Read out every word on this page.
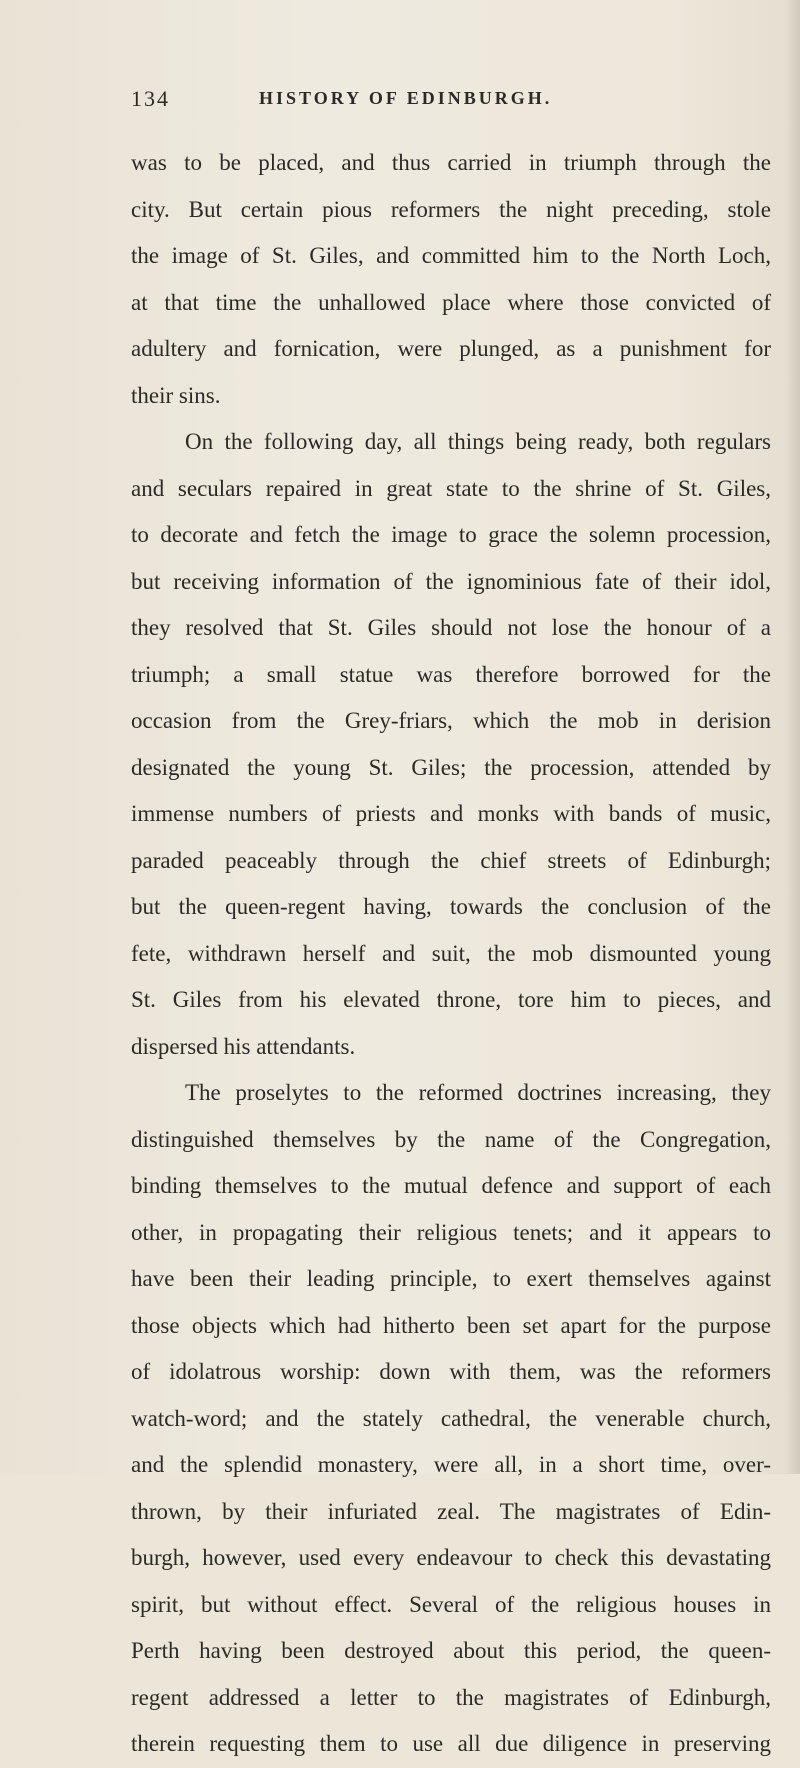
134	HISTORY OF EDINBURGH.
was to be placed, and thus carried in triumph through the
city. But certain pious reformers the night preceding, stole
the image of St. Giles, and committed him to the North Loch,
at that time the unhallowed place where those convicted of
adultery and fornication, were plunged, as a punishment for
their sins.
On the following day, all things being ready, both regulars
and seculars repaired in great state to the shrine of St. Giles,
to decorate and fetch the image to grace the solemn procession,
but receiving information of the ignominious fate of their idol,
they resolved that St. Giles should not lose the honour of a
triumph; a small statue was therefore borrowed for the
occasion from the Grey-friars, which the mob in derision
designated the young St. Giles; the procession, attended by
immense numbers of priests and monks with bands of music,
paraded peaceably through the chief streets of Edinburgh;
but the queen-regent having, towards the conclusion of the
fete, withdrawn herself and suit, the mob dismounted young
St. Giles from his elevated throne, tore him to pieces, and
dispersed his attendants.
The proselytes to the reformed doctrines increasing, they
distinguished themselves by the name of the Congregation,
binding themselves to the mutual defence and support of each
other, in propagating their religious tenets; and it appears to
have been their leading principle, to exert themselves against
those objects which had hitherto been set apart for the purpose
of idolatrous worship: down with them, was the reformers
watch-word; and the stately cathedral, the venerable church,
and the splendid monastery, were all, in a short time, over-
thrown, by their infuriated zeal. The magistrates of Edin-
burgh, however, used every endeavour to check this devastating
spirit, but without effect. Several of the religious houses in
Perth having been destroyed about this period, the queen-
regent addressed a letter to the magistrates of Edinburgh,
therein requesting them to use all due diligence in preserving
